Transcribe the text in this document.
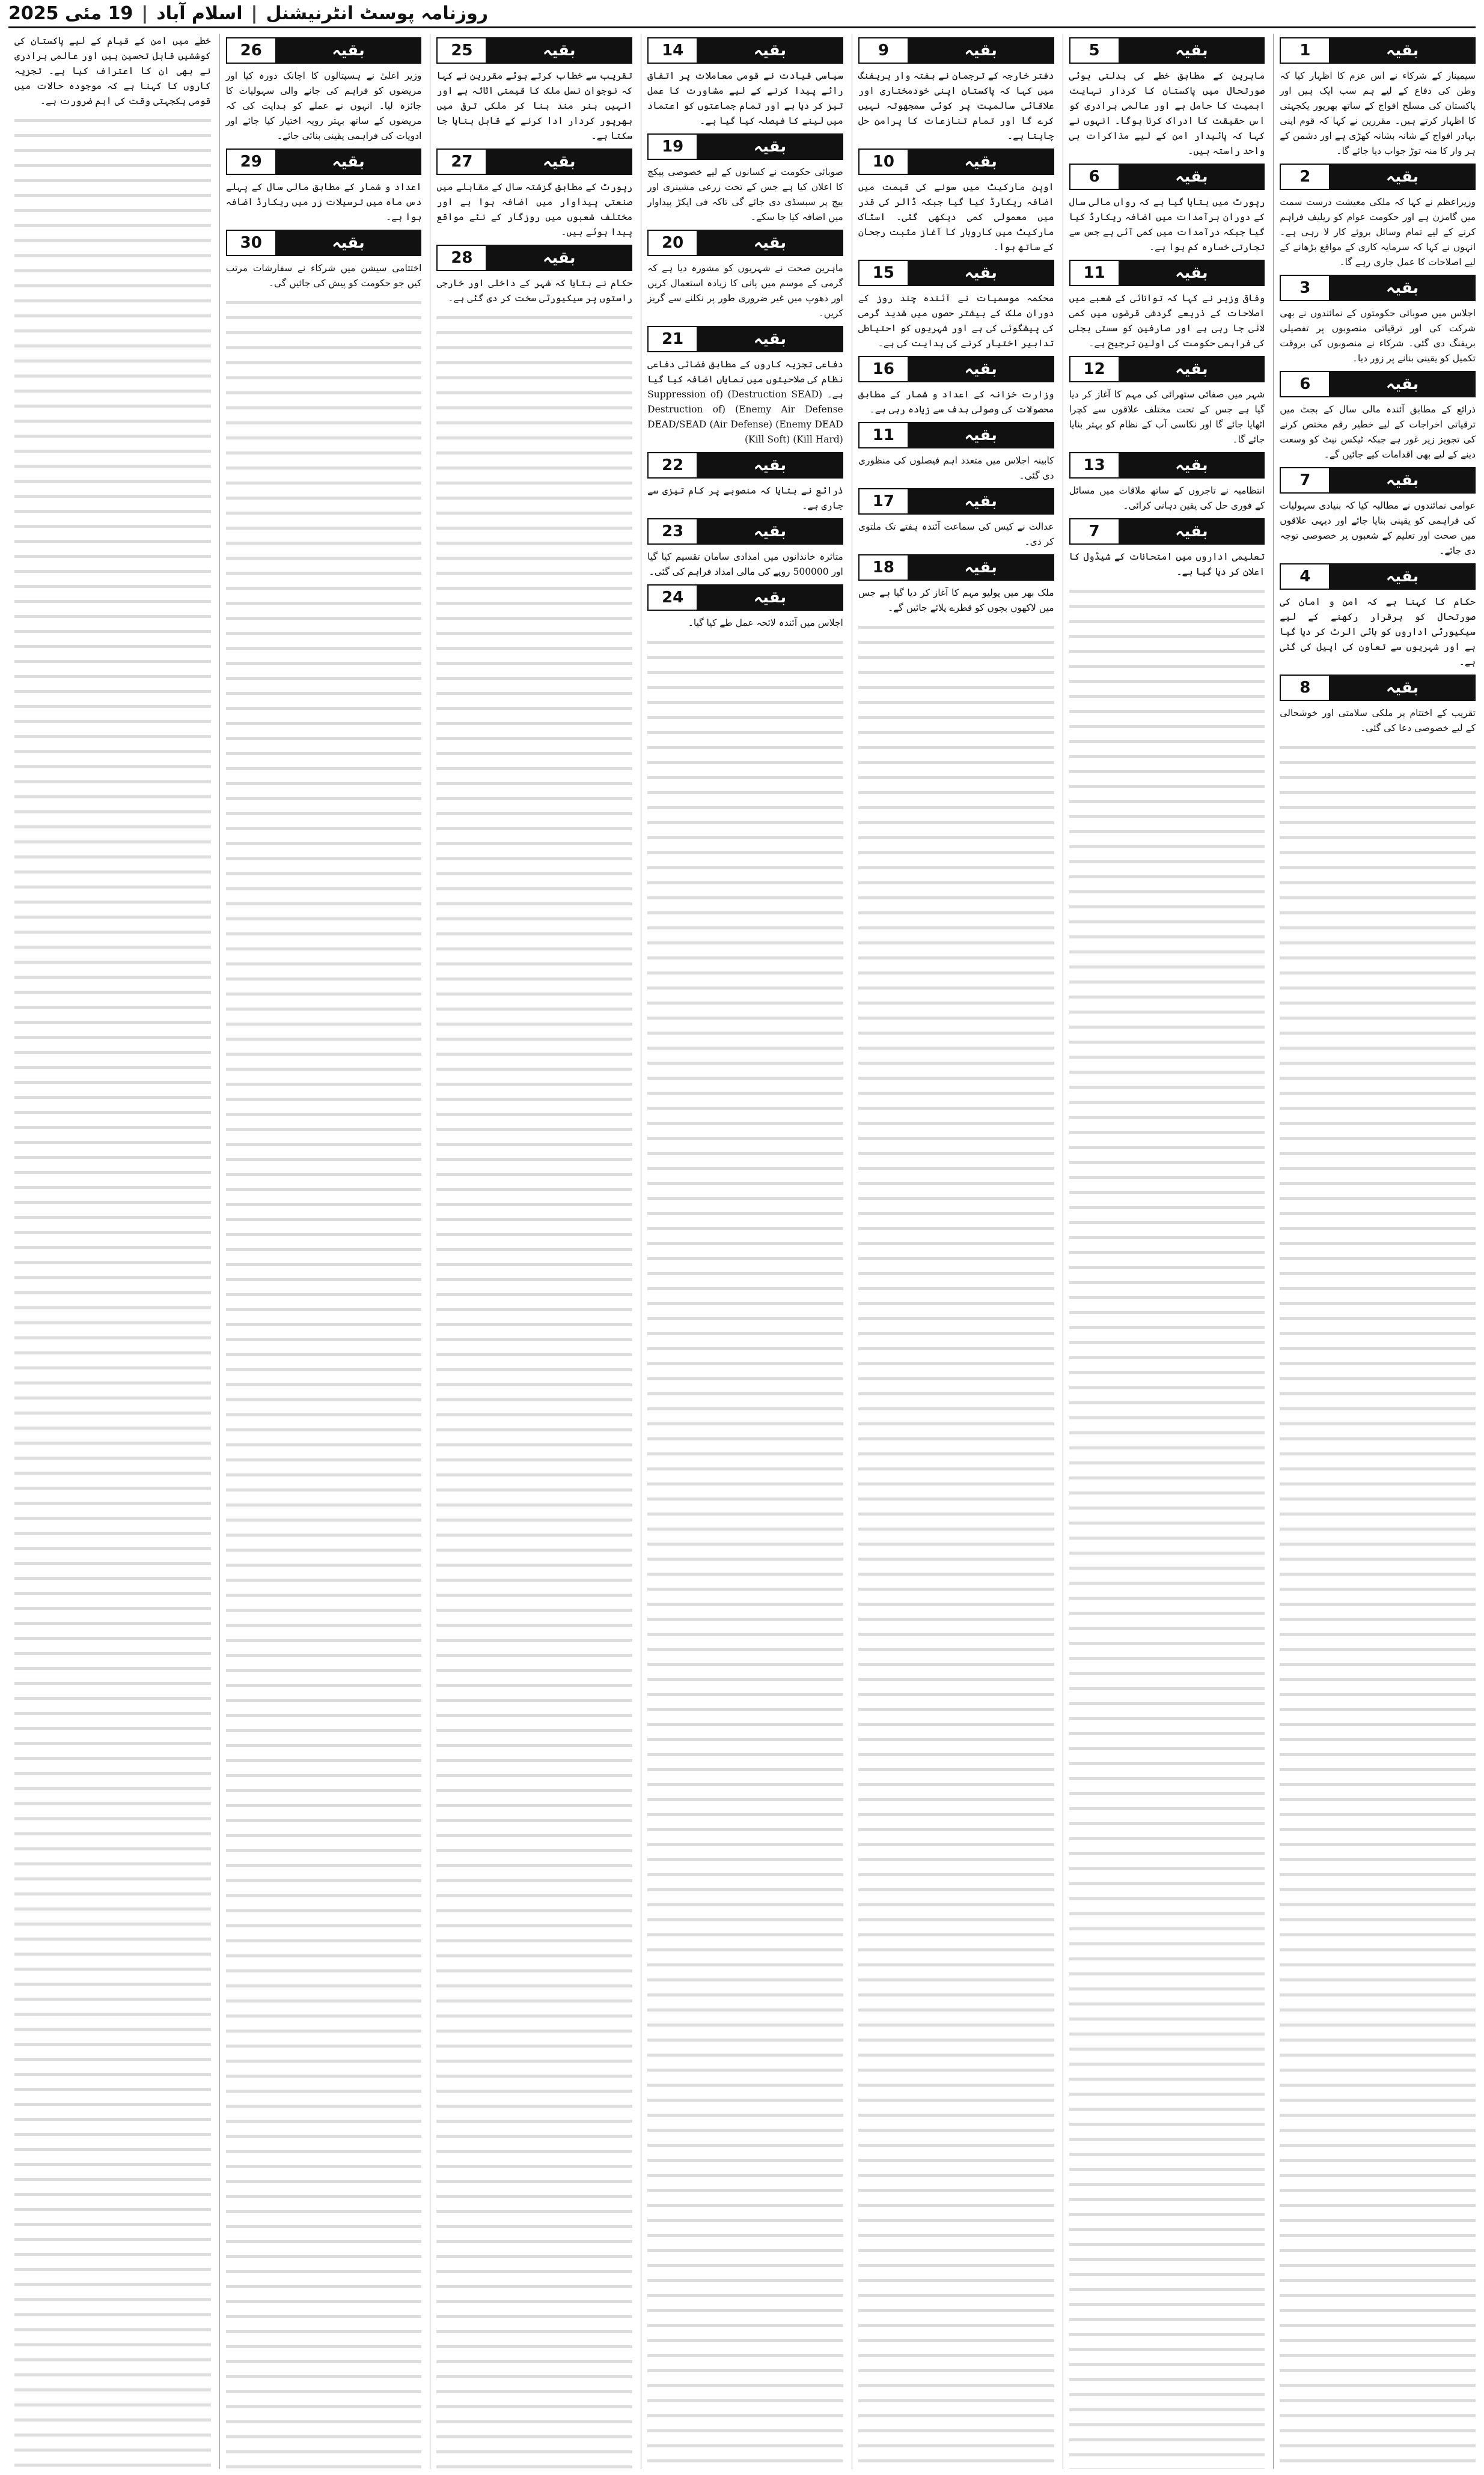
روزنامہ پوسٹ انٹرنیشنل
|
اسلام آباد
|
19 مئی 2025
بقیہ
1

سیمینار کے شرکاء نے اس عزم کا اظہار کیا کہ وطن کی دفاع کے لیے ہم سب ایک ہیں اور پاکستان کی مسلح افواج کے ساتھ بھرپور یکجہتی کا اظہار کرتے ہیں۔ مقررین نے کہا کہ قوم اپنی بہادر افواج کے شانہ بشانہ کھڑی ہے اور دشمن کے ہر وار کا منہ توڑ جواب دیا جائے گا۔

بقیہ
2

وزیراعظم نے کہا کہ ملکی معیشت درست سمت میں گامزن ہے اور حکومت عوام کو ریلیف فراہم کرنے کے لیے تمام وسائل بروئے کار لا رہی ہے۔ انہوں نے کہا کہ سرمایہ کاری کے مواقع بڑھانے کے لیے اصلاحات کا عمل جاری رہے گا۔

بقیہ
3

اجلاس میں صوبائی حکومتوں کے نمائندوں نے بھی شرکت کی اور ترقیاتی منصوبوں پر تفصیلی بریفنگ دی گئی۔ شرکاء نے منصوبوں کی بروقت تکمیل کو یقینی بنانے پر زور دیا۔

بقیہ
6

ذرائع کے مطابق آئندہ مالی سال کے بجٹ میں ترقیاتی اخراجات کے لیے خطیر رقم مختص کرنے کی تجویز زیر غور ہے جبکہ ٹیکس نیٹ کو وسعت دینے کے لیے بھی اقدامات کیے جائیں گے۔

بقیہ
7

عوامی نمائندوں نے مطالبہ کیا کہ بنیادی سہولیات کی فراہمی کو یقینی بنایا جائے اور دیہی علاقوں میں صحت اور تعلیم کے شعبوں پر خصوصی توجہ دی جائے۔

بقیہ
4

حکام کا کہنا ہے کہ امن و امان کی صورتحال کو برقرار رکھنے کے لیے سیکیورٹی اداروں کو ہائی الرٹ کر دیا گیا ہے اور شہریوں سے تعاون کی اپیل کی گئی ہے۔

بقیہ
8

تقریب کے اختتام پر ملکی سلامتی اور خوشحالی کے لیے خصوصی دعا کی گئی۔

بقیہ
5

ماہرین کے مطابق خطے کی بدلتی ہوئی صورتحال میں پاکستان کا کردار نہایت اہمیت کا حامل ہے اور عالمی برادری کو اس حقیقت کا ادراک کرنا ہوگا۔ انہوں نے کہا کہ پائیدار امن کے لیے مذاکرات ہی واحد راستہ ہیں۔

بقیہ
6

رپورٹ میں بتایا گیا ہے کہ رواں مالی سال کے دوران برآمدات میں اضافہ ریکارڈ کیا گیا جبکہ درآمدات میں کمی آئی ہے جس سے تجارتی خسارہ کم ہوا ہے۔

بقیہ
11

وفاقی وزیر نے کہا کہ توانائی کے شعبے میں اصلاحات کے ذریعے گردشی قرضوں میں کمی لائی جا رہی ہے اور صارفین کو سستی بجلی کی فراہمی حکومت کی اولین ترجیح ہے۔

بقیہ
12

شہر میں صفائی ستھرائی کی مہم کا آغاز کر دیا گیا ہے جس کے تحت مختلف علاقوں سے کچرا اٹھایا جائے گا اور نکاسی آب کے نظام کو بہتر بنایا جائے گا۔

بقیہ
13

انتظامیہ نے تاجروں کے ساتھ ملاقات میں مسائل کے فوری حل کی یقین دہانی کرائی۔

بقیہ
7

تعلیمی اداروں میں امتحانات کے شیڈول کا اعلان کر دیا گیا ہے۔

بقیہ
9

دفتر خارجہ کے ترجمان نے ہفتہ وار بریفنگ میں کہا کہ پاکستان اپنی خودمختاری اور علاقائی سالمیت پر کوئی سمجھوتہ نہیں کرے گا اور تمام تنازعات کا پرامن حل چاہتا ہے۔

بقیہ
10

اوپن مارکیٹ میں سونے کی قیمت میں اضافہ ریکارڈ کیا گیا جبکہ ڈالر کی قدر میں معمولی کمی دیکھی گئی۔ اسٹاک مارکیٹ میں کاروبار کا آغاز مثبت رجحان کے ساتھ ہوا۔

بقیہ
15

محکمہ موسمیات نے آئندہ چند روز کے دوران ملک کے بیشتر حصوں میں شدید گرمی کی پیشگوئی کی ہے اور شہریوں کو احتیاطی تدابیر اختیار کرنے کی ہدایت کی ہے۔

بقیہ
16

وزارت خزانہ کے اعداد و شمار کے مطابق محصولات کی وصولی ہدف سے زیادہ رہی ہے۔

بقیہ
11

کابینہ اجلاس میں متعدد اہم فیصلوں کی منظوری دی گئی۔

بقیہ
17

عدالت نے کیس کی سماعت آئندہ ہفتے تک ملتوی کر دی۔

بقیہ
18

ملک بھر میں پولیو مہم کا آغاز کر دیا گیا ہے جس میں لاکھوں بچوں کو قطرے پلائے جائیں گے۔

بقیہ
14

سیاسی قیادت نے قومی معاملات پر اتفاق رائے پیدا کرنے کے لیے مشاورت کا عمل تیز کر دیا ہے اور تمام جماعتوں کو اعتماد میں لینے کا فیصلہ کیا گیا ہے۔

بقیہ
19

صوبائی حکومت نے کسانوں کے لیے خصوصی پیکج کا اعلان کیا ہے جس کے تحت زرعی مشینری اور بیج پر سبسڈی دی جائے گی تاکہ فی ایکڑ پیداوار میں اضافہ کیا جا سکے۔

بقیہ
20

ماہرین صحت نے شہریوں کو مشورہ دیا ہے کہ گرمی کے موسم میں پانی کا زیادہ استعمال کریں اور دھوپ میں غیر ضروری طور پر نکلنے سے گریز کریں۔

بقیہ
21

دفاعی تجزیہ کاروں کے مطابق فضائی دفاعی نظام کی صلاحیتوں میں نمایاں اضافہ کیا گیا ہے۔ (Destruction SEAD) (Suppression of Enemy Air Defense) (Destruction of Enemy DEAD) (Air Defense) DEAD/SEAD (Kill Soft) (Kill Hard)

بقیہ
22

ذرائع نے بتایا کہ منصوبے پر کام تیزی سے جاری ہے۔

بقیہ
23

متاثرہ خاندانوں میں امدادی سامان تقسیم کیا گیا اور 500000 روپے کی مالی امداد فراہم کی گئی۔

بقیہ
24

اجلاس میں آئندہ لائحہ عمل طے کیا گیا۔

بقیہ
25

تقریب سے خطاب کرتے ہوئے مقررین نے کہا کہ نوجوان نسل ملک کا قیمتی اثاثہ ہے اور انہیں ہنر مند بنا کر ملکی ترقی میں بھرپور کردار ادا کرنے کے قابل بنایا جا سکتا ہے۔

بقیہ
27

رپورٹ کے مطابق گزشتہ سال کے مقابلے میں صنعتی پیداوار میں اضافہ ہوا ہے اور مختلف شعبوں میں روزگار کے نئے مواقع پیدا ہوئے ہیں۔

بقیہ
28

حکام نے بتایا کہ شہر کے داخلی اور خارجی راستوں پر سیکیورٹی سخت کر دی گئی ہے۔

بقیہ
26

وزیر اعلیٰ نے ہسپتالوں کا اچانک دورہ کیا اور مریضوں کو فراہم کی جانے والی سہولیات کا جائزہ لیا۔ انہوں نے عملے کو ہدایت کی کہ مریضوں کے ساتھ بہتر رویہ اختیار کیا جائے اور ادویات کی فراہمی یقینی بنائی جائے۔

بقیہ
29

اعداد و شمار کے مطابق مالی سال کے پہلے دس ماہ میں ترسیلات زر میں ریکارڈ اضافہ ہوا ہے۔

بقیہ
30

اختتامی سیشن میں شرکاء نے سفارشات مرتب کیں جو حکومت کو پیش کی جائیں گی۔

خطے میں امن کے قیام کے لیے پاکستان کی کوششیں قابل تحسین ہیں اور عالمی برادری نے بھی ان کا اعتراف کیا ہے۔ تجزیہ کاروں کا کہنا ہے کہ موجودہ حالات میں قومی یکجہتی وقت کی اہم ضرورت ہے۔
